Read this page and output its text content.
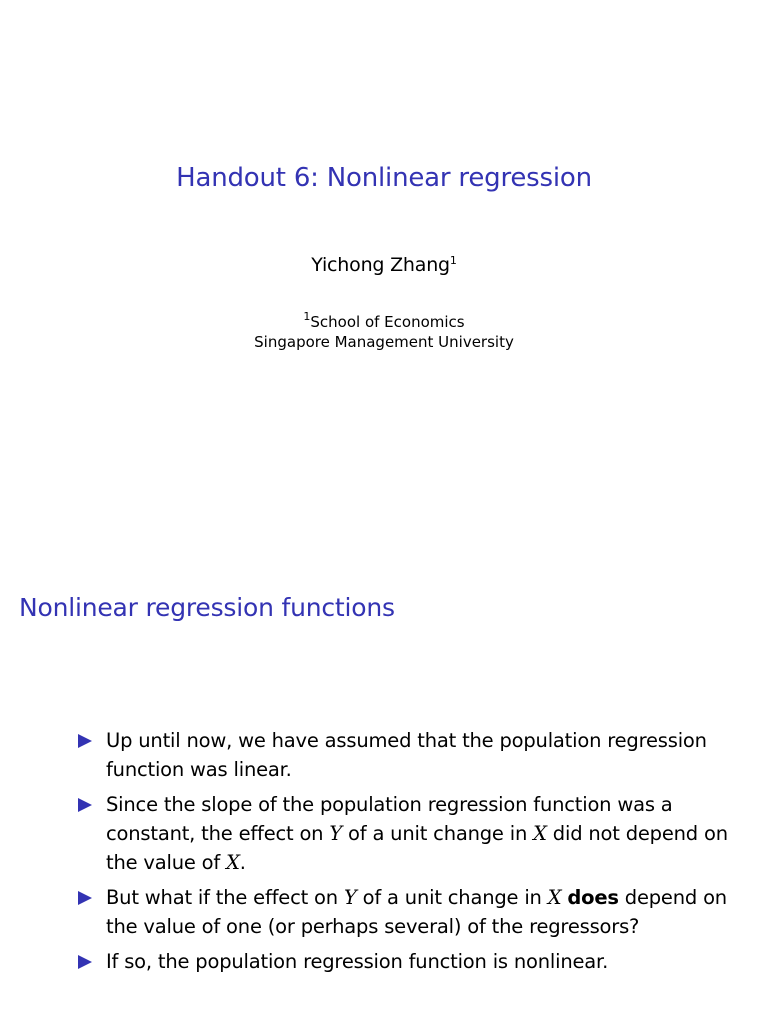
Handout 6: Nonlinear regression
Yichong Zhang$^1$
$^1$School of Economics
Singapore Management University
Nonlinear regression functions
Up until now, we have assumed that the population regression function was linear.
Since the slope of the population regression function was a constant, the effect on Y of a unit change in X did not depend on the value of X.
But what if the effect on Y of a unit change in X does depend on the value of one (or perhaps several) of the regressors?
If so, the population regression function is nonlinear.
